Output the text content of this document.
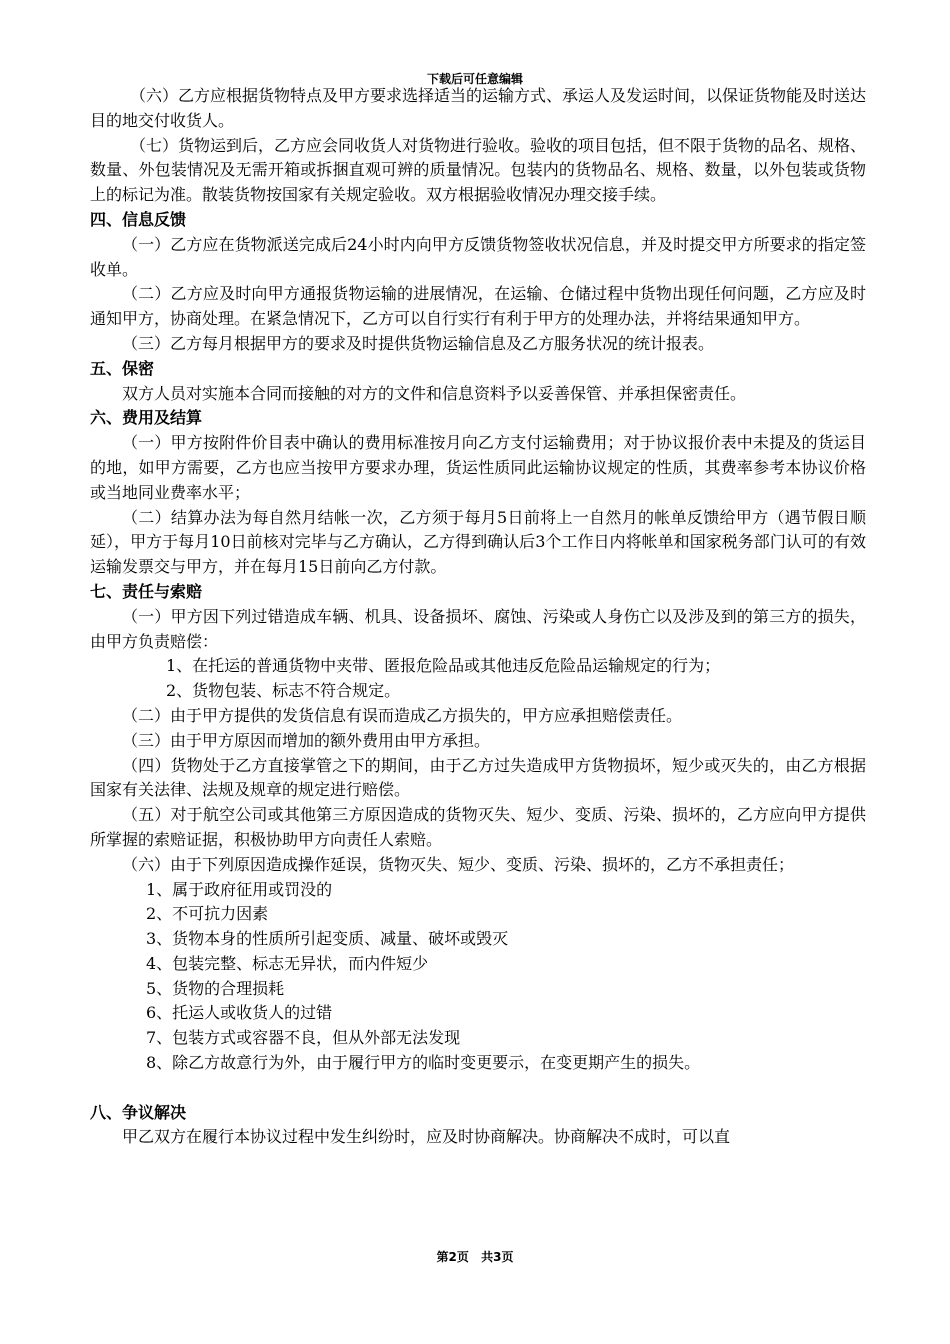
下载后可任意编辑

（六）乙方应根据货物特点及甲方要求选择适当的运输方式、承运人及发运时间，以保证货物能及时送达目的地交付收货人。

（七）货物运到后，乙方应会同收货人对货物进行验收。验收的项目包括，但不限于货物的品名、规格、数量、外包装情况及无需开箱或拆捆直观可辨的质量情况。包装内的货物品名、规格、数量，以外包装或货物上的标记为准。散装货物按国家有关规定验收。双方根据验收情况办理交接手续。

四、信息反馈

（一）乙方应在货物派送完成后24小时内向甲方反馈货物签收状况信息，并及时提交甲方所要求的指定签收单。

（二）乙方应及时向甲方通报货物运输的进展情况，在运输、仓储过程中货物出现任何问题，乙方应及时通知甲方，协商处理。在紧急情况下，乙方可以自行实行有利于甲方的处理办法，并将结果通知甲方。

（三）乙方每月根据甲方的要求及时提供货物运输信息及乙方服务状况的统计报表。

五、保密

双方人员对实施本合同而接触的对方的文件和信息资料予以妥善保管、并承担保密责任。

六、费用及结算

（一）甲方按附件价目表中确认的费用标准按月向乙方支付运输费用；对于协议报价表中未提及的货运目的地，如甲方需要，乙方也应当按甲方要求办理，货运性质同此运输协议规定的性质，其费率参考本协议价格或当地同业费率水平；

（二）结算办法为每自然月结帐一次，乙方须于每月5日前将上一自然月的帐单反馈给甲方（遇节假日顺延），甲方于每月10日前核对完毕与乙方确认，乙方得到确认后3个工作日内将帐单和国家税务部门认可的有效运输发票交与甲方，并在每月15日前向乙方付款。

七、责任与索赔

（一）甲方因下列过错造成车辆、机具、设备损坏、腐蚀、污染或人身伤亡以及涉及到的第三方的损失，由甲方负责赔偿：

1、在托运的普通货物中夹带、匿报危险品或其他违反危险品运输规定的行为；

2、货物包装、标志不符合规定。

（二）由于甲方提供的发货信息有误而造成乙方损失的，甲方应承担赔偿责任。

（三）由于甲方原因而增加的额外费用由甲方承担。

（四）货物处于乙方直接掌管之下的期间，由于乙方过失造成甲方货物损坏，短少或灭失的，由乙方根据国家有关法律、法规及规章的规定进行赔偿。

（五）对于航空公司或其他第三方原因造成的货物灭失、短少、变质、污染、损坏的，乙方应向甲方提供所掌握的索赔证据，积极协助甲方向责任人索赔。

（六）由于下列原因造成操作延误，货物灭失、短少、变质、污染、损坏的，乙方不承担责任；

1、属于政府征用或罚没的

2、不可抗力因素

3、货物本身的性质所引起变质、减量、破坏或毁灭

4、包装完整、标志无异状，而内件短少

5、货物的合理损耗

6、托运人或收货人的过错

7、包装方式或容器不良，但从外部无法发现

8、除乙方故意行为外，由于履行甲方的临时变更要示，在变更期产生的损失。

八、争议解决

甲乙双方在履行本协议过程中发生纠纷时，应及时协商解决。协商解决不成时，可以直

第2页 共3页
